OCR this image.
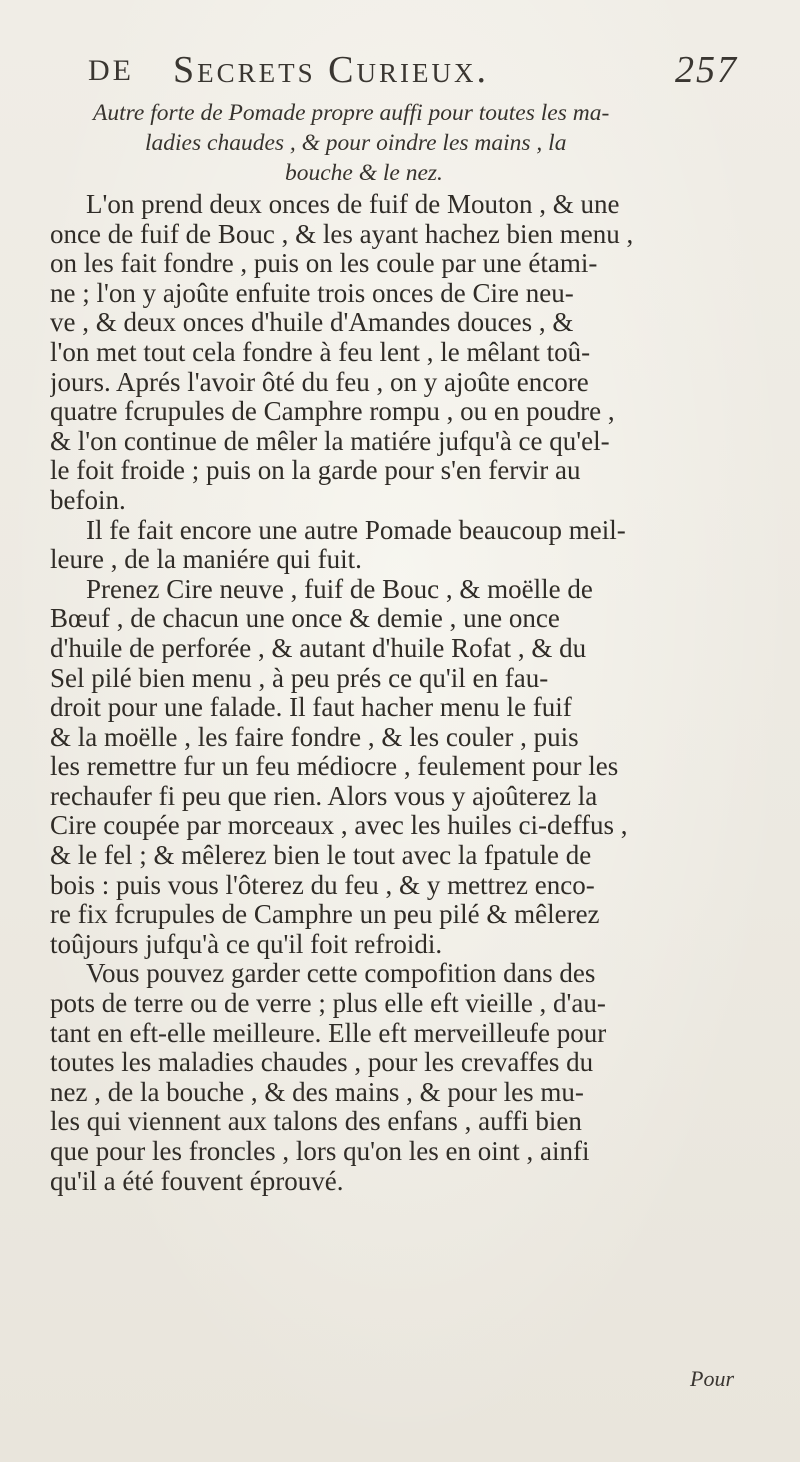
DE Secrets Curieux.	257
Autre forte de Pomade propre auffi pour toutes les ma-
ladies chaudes , & pour oindre les mains , la
bouche & le nez.
L'on prend deux onces de fuif de Mouton , & une
once de fuif de Bouc , & les ayant hachez bien menu ,
on les fait fondre , puis on les coule par une étami-
ne ; l'on y ajoûte enfuite trois onces de Cire neu-
ve , & deux onces d'huile d'Amandes douces , &
l'on met tout cela fondre à feu lent , le mêlant toû-
jours. Aprés l'avoir ôté du feu , on y ajoûte encore
quatre fcrupules de Camphre rompu , ou en poudre ,
& l'on continue de mêler la matiére jufqu'à ce qu'el-
le foit froide ; puis on la garde pour s'en fervir au
befoin.
Il fe fait encore une autre Pomade beaucoup meil-
leure , de la maniére qui fuit.
Prenez Cire neuve , fuif de Bouc , & moëlle de
Bœuf , de chacun une once & demie , une once
d'huile de perforée , & autant d'huile Rofat , & du
Sel pilé bien menu , à peu prés ce qu'il en fau-
droit pour une falade. Il faut hacher menu le fuif
& la moëlle , les faire fondre , & les couler , puis
les remettre fur un feu médiocre , feulement pour les
rechaufer fi peu que rien. Alors vous y ajoûterez la
Cire coupée par morceaux , avec les huiles ci-deffus ,
& le fel ; & mêlerez bien le tout avec la fpatule de
bois : puis vous l'ôterez du feu , & y mettrez enco-
re fix fcrupules de Camphre un peu pilé & mêlerez
toûjours jufqu'à ce qu'il foit refroidi.
Vous pouvez garder cette compofition dans des
pots de terre ou de verre ; plus elle eft vieille , d'au-
tant en eft-elle meilleure. Elle eft merveilleufe pour
toutes les maladies chaudes , pour les crevaffes du
nez , de la bouche , & des mains , & pour les mu-
les qui viennent aux talons des enfans , auffi bien
que pour les froncles , lors qu'on les en oint , ainfi
qu'il a été fouvent éprouvé.
Pour
